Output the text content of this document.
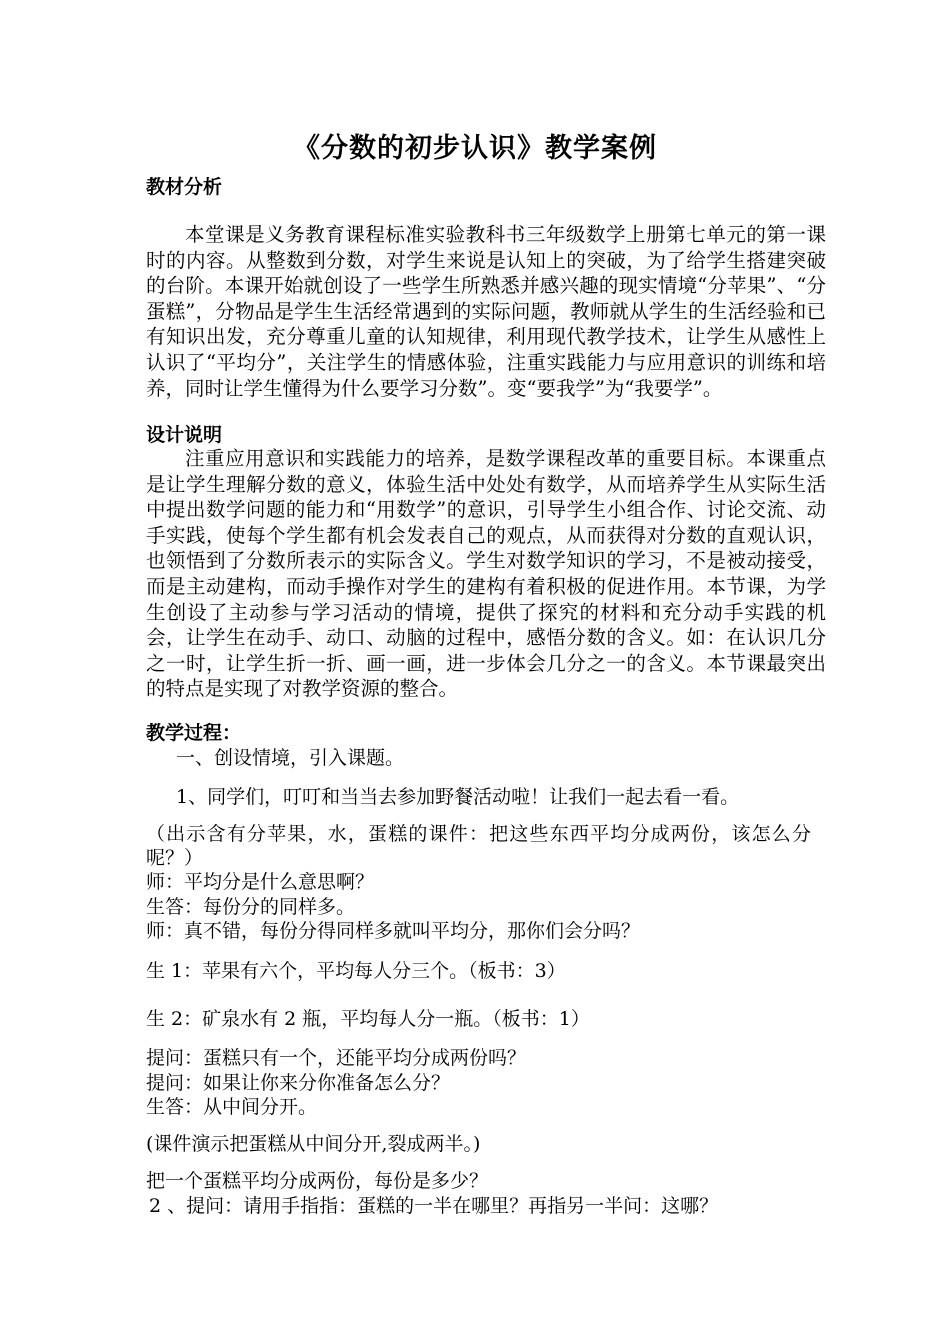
《分数的初步认识》教学案例
教材分析

本堂课是义务教育课程标准实验教科书三年级数学上册第七单元的第一课时的内容。从整数到分数，对学生来说是认知上的突破，为了给学生搭建突破的台阶。本课开始就创设了一些学生所熟悉并感兴趣的现实情境“分苹果”、“分蛋糕”，分物品是学生生活经常遇到的实际问题，教师就从学生的生活经验和已有知识出发，充分尊重儿童的认知规律，利用现代教学技术，让学生从感性上认识了“平均分”，关注学生的情感体验，注重实践能力与应用意识的训练和培养，同时让学生懂得为什么要学习分数”。变“要我学”为“我要学”。

设计说明

注重应用意识和实践能力的培养，是数学课程改革的重要目标。本课重点是让学生理解分数的意义，体验生活中处处有数学，从而培养学生从实际生活中提出数学问题的能力和“用数学”的意识，引导学生小组合作、讨论交流、动手实践，使每个学生都有机会发表自己的观点，从而获得对分数的直观认识，也领悟到了分数所表示的实际含义。学生对数学知识的学习，不是被动接受，而是主动建构，而动手操作对学生的建构有着积极的促进作用。本节课，为学生创设了主动参与学习活动的情境，提供了探究的材料和充分动手实践的机会，让学生在动手、动口、动脑的过程中，感悟分数的含义。如：在认识几分之一时，让学生折一折、画一画，进一步体会几分之一的含义。本节课最突出的特点是实现了对教学资源的整合。

教学过程：
一、创设情境，引入课题。
1、同学们，叮叮和当当去参加野餐活动啦！让我们一起去看一看。

（出示含有分苹果，水，蛋糕的课件：把这些东西平均分成两份，该怎么分呢？）

师：平均分是什么意思啊？
生答：每份分的同样多。
师：真不错，每份分得同样多就叫平均分，那你们会分吗？
生 1：苹果有六个，平均每人分三个。（板书：3）
生 2：矿泉水有 2 瓶，平均每人分一瓶。（板书：1）
提问：蛋糕只有一个，还能平均分成两份吗？
提问：如果让你来分你准备怎么分？
生答：从中间分开。
(课件演示把蛋糕从中间分开,裂成两半。)
把一个蛋糕平均分成两份，每份是多少？
2 、提问：请用手指指：蛋糕的一半在哪里？再指另一半问：这哪？
